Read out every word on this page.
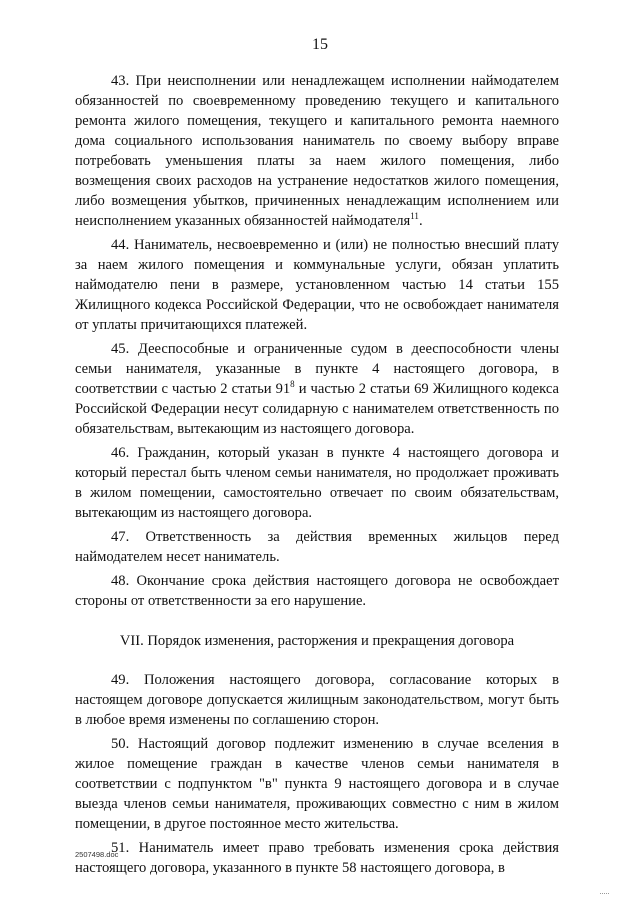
15

43. При неисполнении или ненадлежащем исполнении наймодателем обязанностей по своевременному проведению текущего и капитального ремонта жилого помещения, текущего и капитального ремонта наемного дома социального использования наниматель по своему выбору вправе потребовать уменьшения платы за наем жилого помещения, либо возмещения своих расходов на устранение недостатков жилого помещения, либо возмещения убытков, причиненных ненадлежащим исполнением или неисполнением указанных обязанностей наймодателя$^{11}$.

44. Наниматель, несвоевременно и (или) не полностью внесший плату за наем жилого помещения и коммунальные услуги, обязан уплатить наймодателю пени в размере, установленном частью 14 статьи 155 Жилищного кодекса Российской Федерации, что не освобождает нанимателя от уплаты причитающихся платежей.

45. Дееспособные и ограниченные судом в дееспособности члены семьи нанимателя, указанные в пункте 4 настоящего договора, в соответствии с частью 2 статьи $91^8$ и частью 2 статьи 69 Жилищного кодекса Российской Федерации несут солидарную с нанимателем ответственность по обязательствам, вытекающим из настоящего договора.

46. Гражданин, который указан в пункте 4 настоящего договора и который перестал быть членом семьи нанимателя, но продолжает проживать в жилом помещении, самостоятельно отвечает по своим обязательствам, вытекающим из настоящего договора.

47. Ответственность за действия временных жильцов перед наймодателем несет наниматель.

48. Окончание срока действия настоящего договора не освобождает стороны от ответственности за его нарушение.

VII. Порядок изменения, расторжения и прекращения договора

49. Положения настоящего договора, согласование которых в настоящем договоре допускается жилищным законодательством, могут быть в любое время изменены по соглашению сторон.

50. Настоящий договор подлежит изменению в случае вселения в жилое помещение граждан в качестве членов семьи нанимателя в соответствии с подпунктом "в" пункта 9 настоящего договора и в случае выезда членов семьи нанимателя, проживающих совместно с ним в жилом помещении, в другое постоянное место жительства.

51. Наниматель имеет право требовать изменения срока действия настоящего договора, указанного в пункте 58 настоящего договора, в

2507498.doc
